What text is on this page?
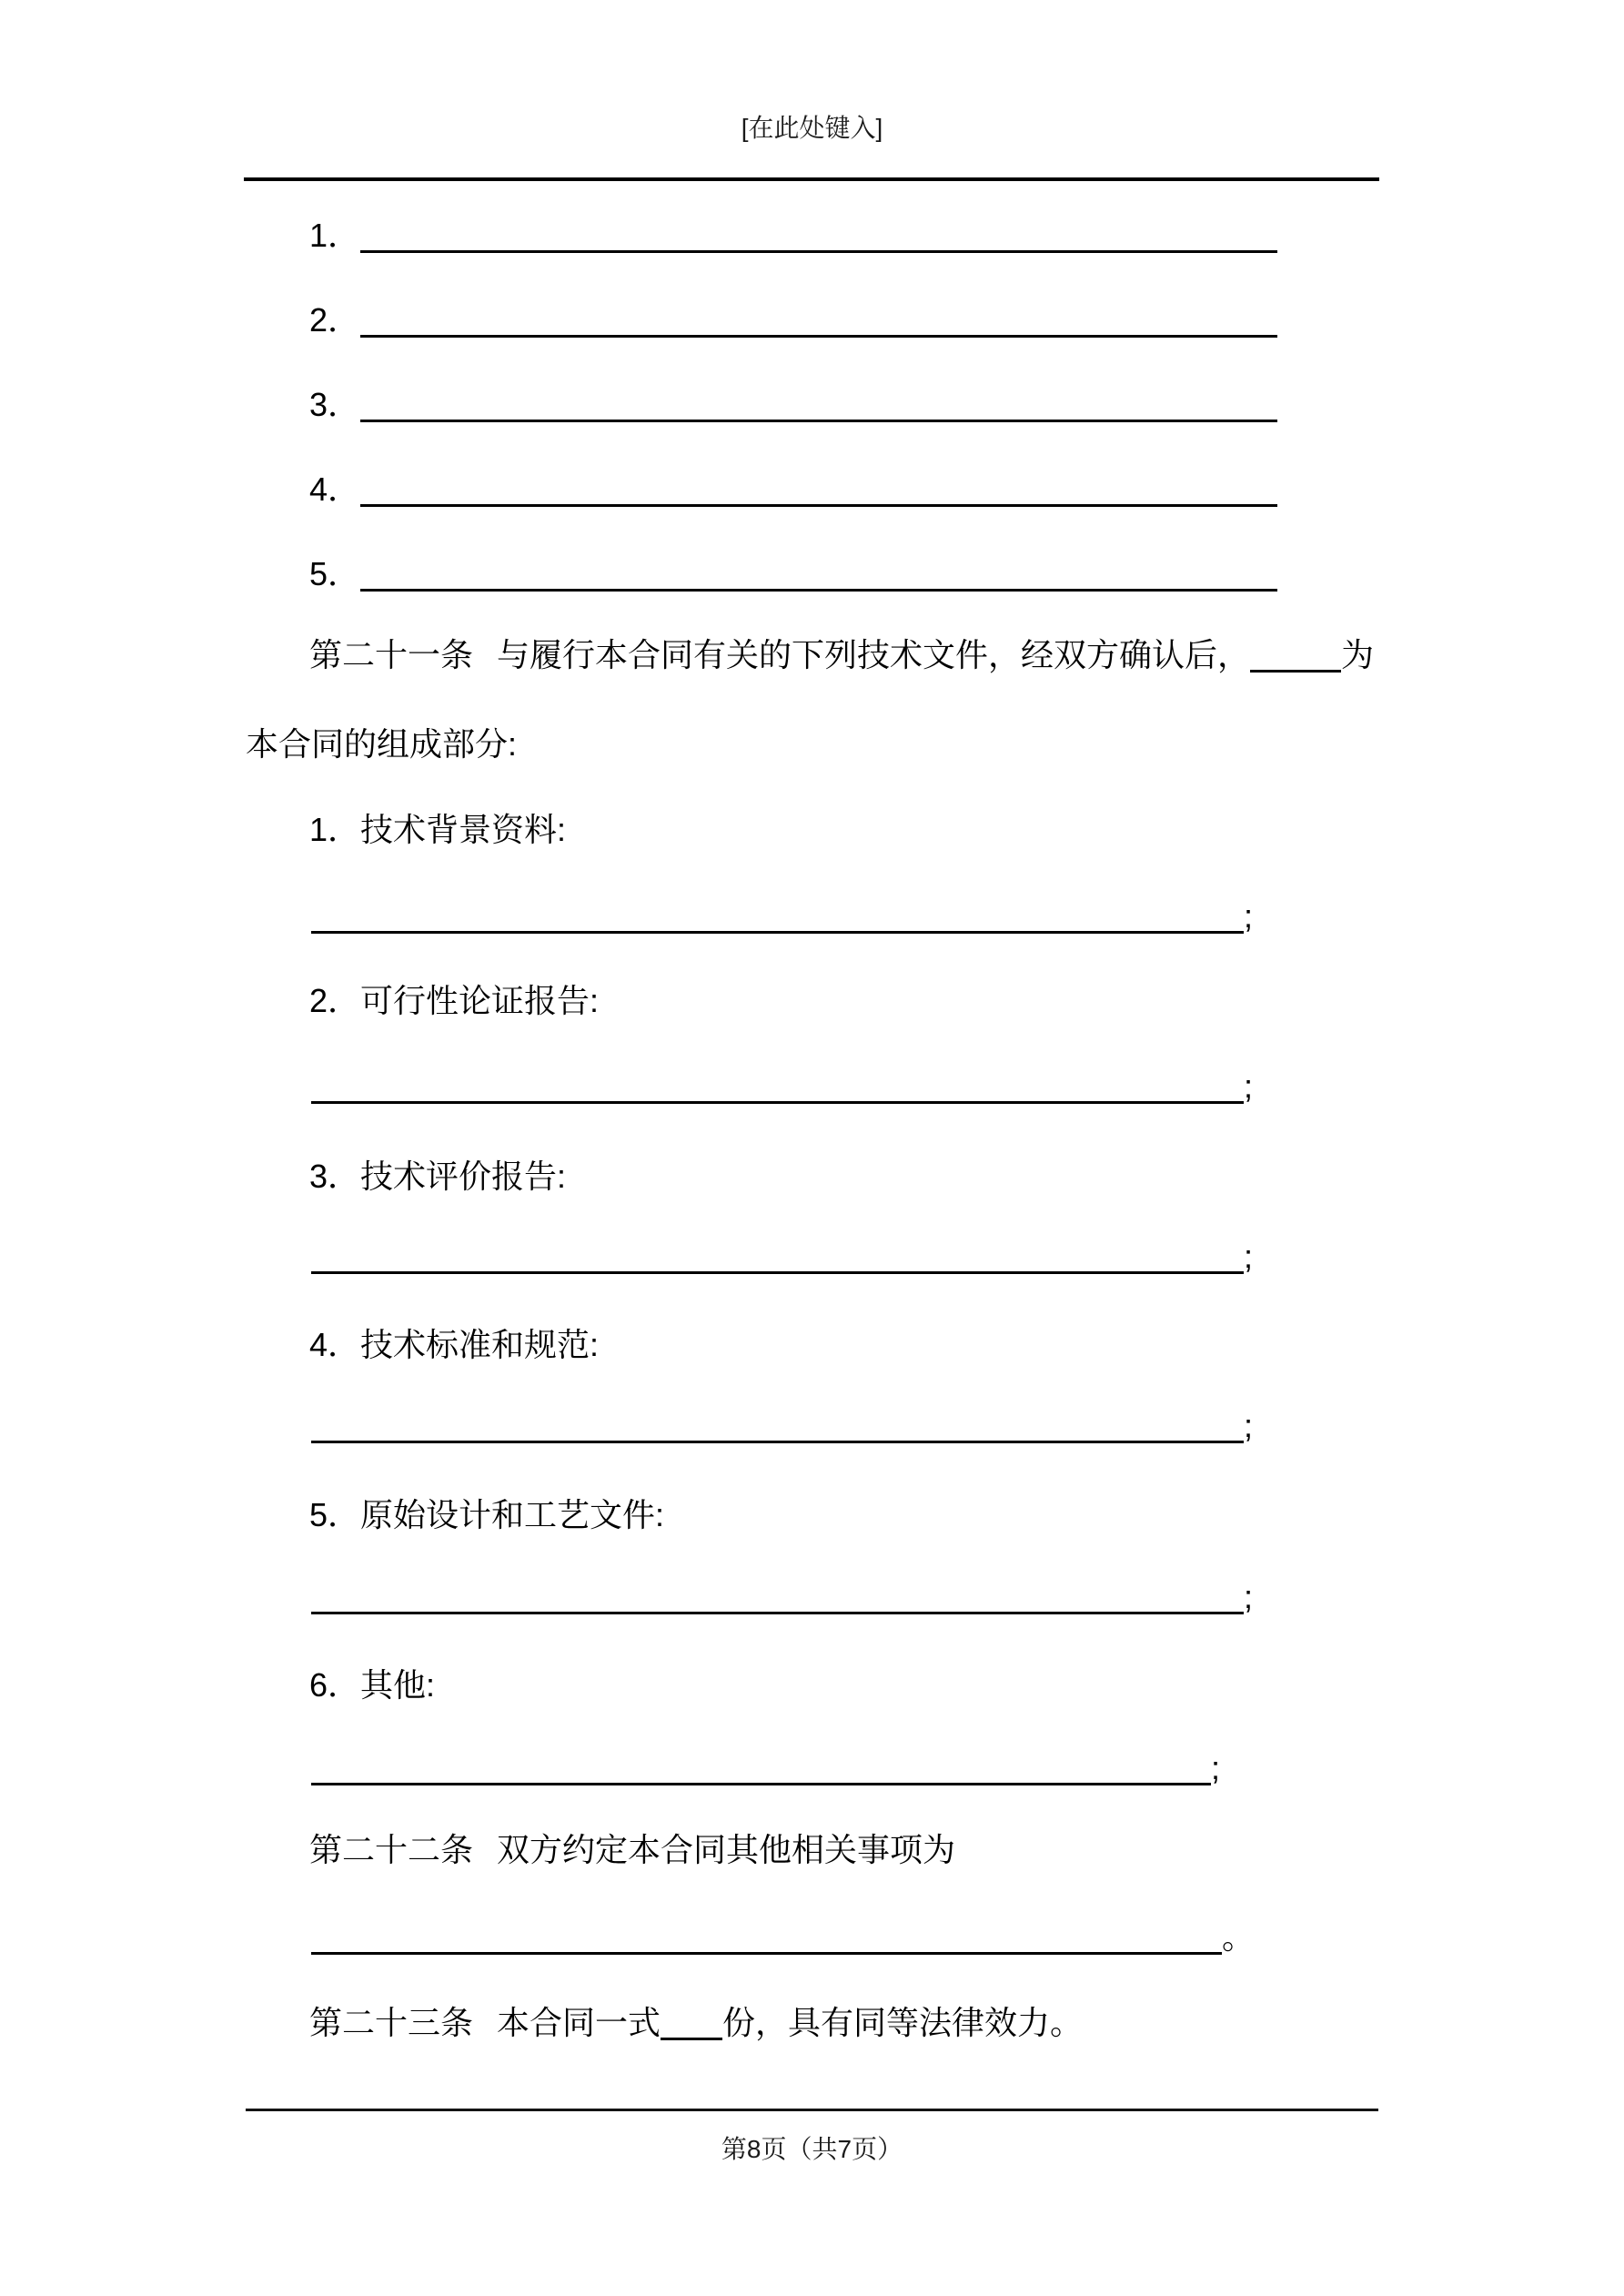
[在此处键入]
1．
2．
3．
4．
5．
第二十一条 与履行本合同有关的下列技术文件，经双方确认后，	为
本合同的组成部分:
1．技术背景资料:
;
2．可行性论证报告:
;
3．技术评价报告:
;
4．技术标准和规范:
;
5．原始设计和工艺文件:
;
6．其他:
;
第二十二条 双方约定本合同其他相关事项为
。
第二十三条 本合同一式 份，具有同等法律效力。
第8页（共7页）
